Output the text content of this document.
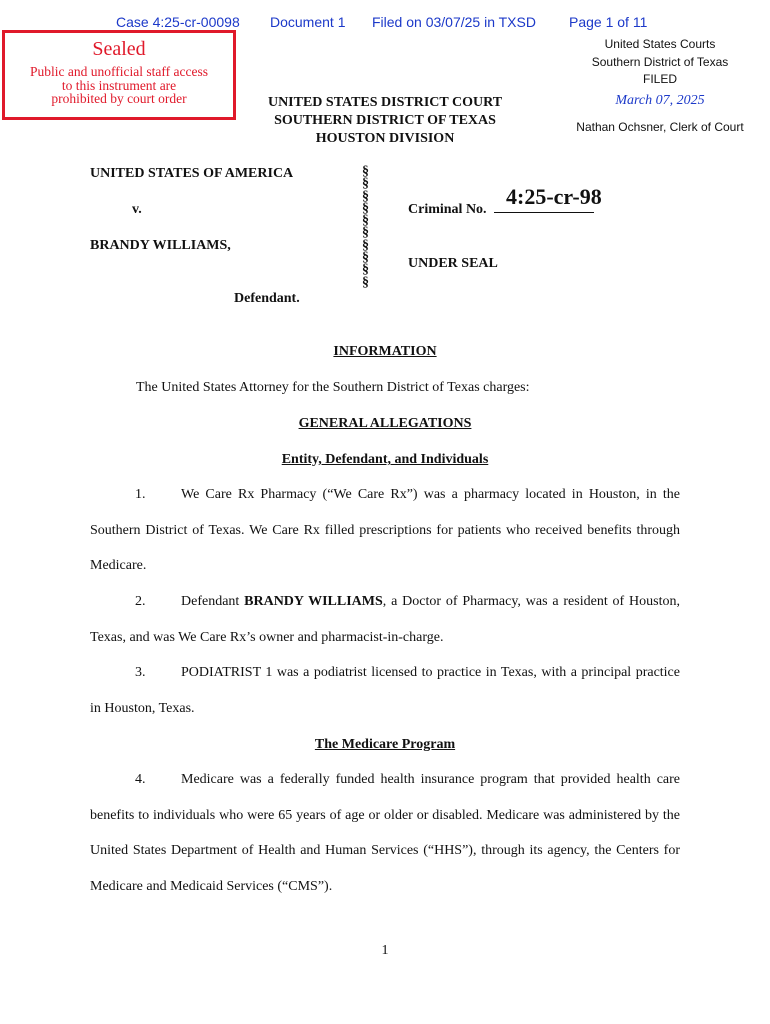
Case 4:25-cr-00098 Document 1 Filed on 03/07/25 in TXSD Page 1 of 11
Sealed
Public and unofficial staff access
to this instrument are
prohibited by court order
United States Courts
Southern District of Texas
FILED
March 07, 2025
Nathan Ochsner, Clerk of Court
UNITED STATES DISTRICT COURT
SOUTHERN DISTRICT OF TEXAS
HOUSTON DIVISION
UNITED STATES OF AMERICA
v.
BRANDY WILLIAMS,
Defendant.
§
§
§
§
§
§
§
§
§
§
Criminal No.
4:25-cr-98
UNDER SEAL
INFORMATION
The United States Attorney for the Southern District of Texas charges:
GENERAL ALLEGATIONS
Entity, Defendant, and Individuals
1.	We Care Rx Pharmacy (“We Care Rx”) was a pharmacy located in Houston, in the Southern District of Texas. We Care Rx filled prescriptions for patients who received benefits through Medicare.
2.	Defendant BRANDY WILLIAMS, a Doctor of Pharmacy, was a resident of Houston, Texas, and was We Care Rx’s owner and pharmacist-in-charge.
3.	PODIATRIST 1 was a podiatrist licensed to practice in Texas, with a principal practice in Houston, Texas.
The Medicare Program
4.	Medicare was a federally funded health insurance program that provided health care benefits to individuals who were 65 years of age or older or disabled. Medicare was administered by the United States Department of Health and Human Services (“HHS”), through its agency, the Centers for Medicare and Medicaid Services (“CMS”).
1
